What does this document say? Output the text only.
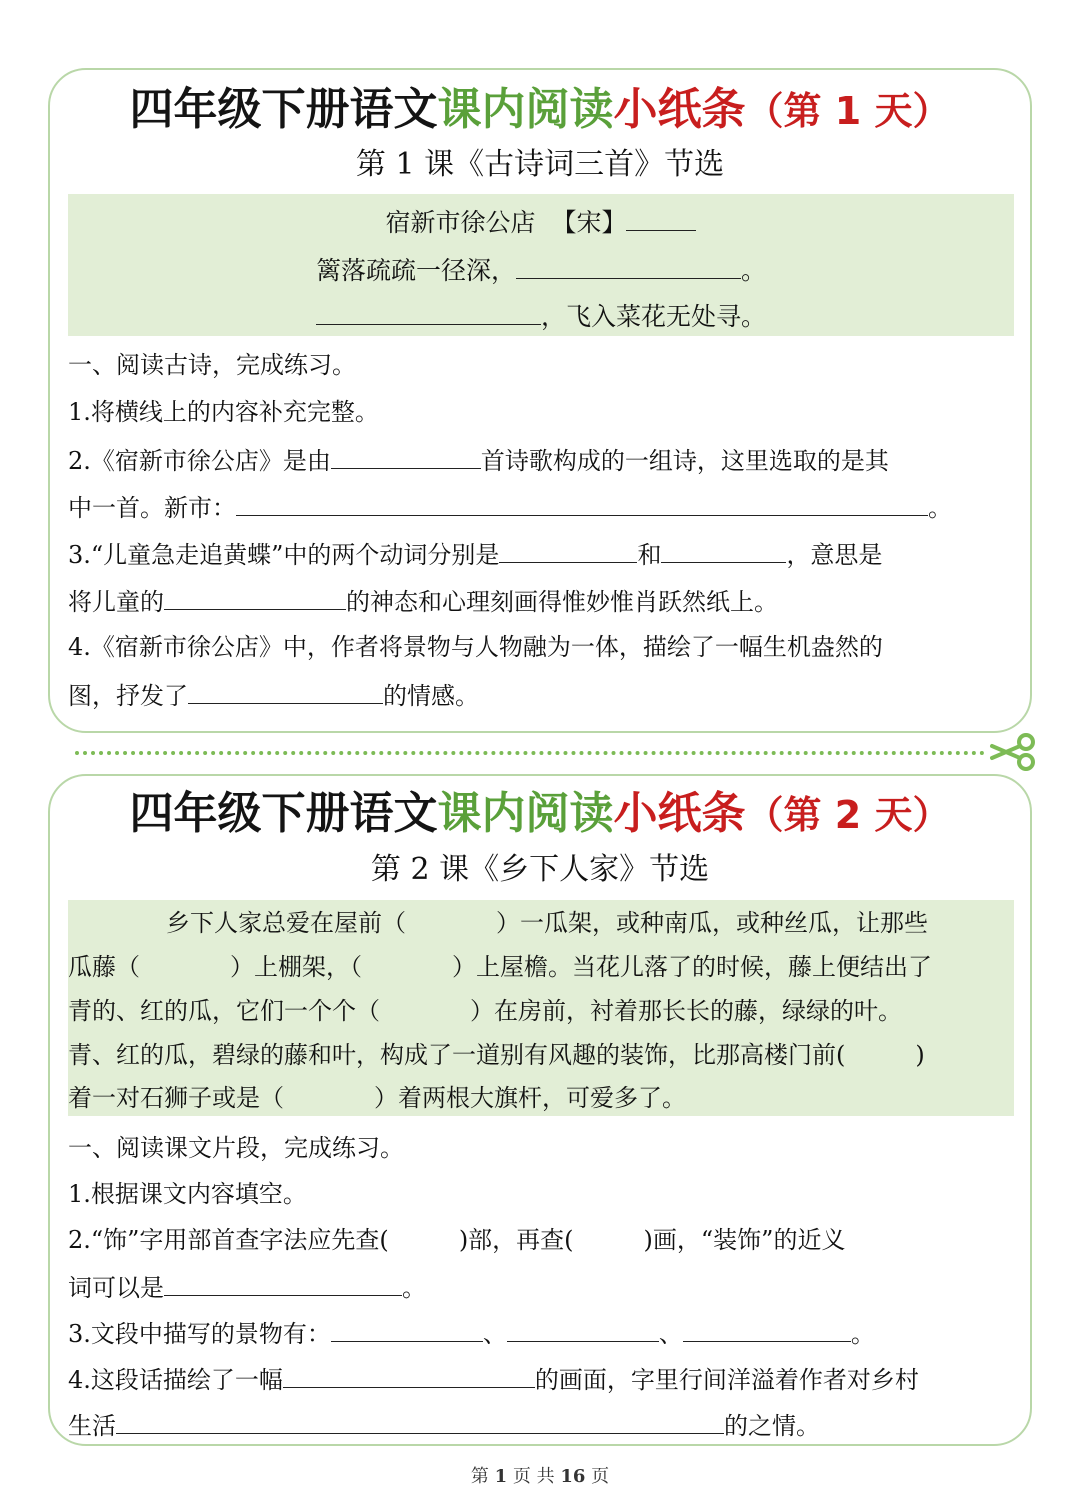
四年级下册语文课内阅读小纸条（第 1 天）
第 1 课《古诗词三首》节选
宿新市徐公店 【宋】
篱落疏疏一径深，	。
，飞入菜花无处寻。
一、阅读古诗，完成练习。
1.将横线上的内容补充完整。
2.《宿新市徐公店》是由	首诗歌构成的一组诗，这里选取的是其
中一首。新市：	。
3.“儿童急走追黄蝶”中的两个动词分别是	和	，意思是
将儿童的	的神态和心理刻画得惟妙惟肖跃然纸上。
4.《宿新市徐公店》中，作者将景物与人物融为一体，描绘了一幅生机盎然的
图，抒发了	的情感。
四年级下册语文课内阅读小纸条（第 2 天）
第 2 课《乡下人家》节选
乡下人家总爱在屋前（	）一瓜架，或种南瓜，或种丝瓜，让那些
瓜藤（	）上棚架，（	）上屋檐。当花儿落了的时候，藤上便结出了
青的、红的瓜，它们一个个（	）在房前，衬着那长长的藤，绿绿的叶。
青、红的瓜，碧绿的藤和叶，构成了一道别有风趣的装饰，比那高楼门前(	)
着一对石狮子或是（	）着两根大旗杆，可爱多了。
一、阅读课文片段，完成练习。
1.根据课文内容填空。
2.“饰”字用部首查字法应先查(	)部，再查(	)画，“装饰”的近义
词可以是	。
3.文段中描写的景物有：	、	、	。
4.这段话描绘了一幅	的画面，字里行间洋溢着作者对乡村
生活	的之情。
第 1 页 共 16 页
